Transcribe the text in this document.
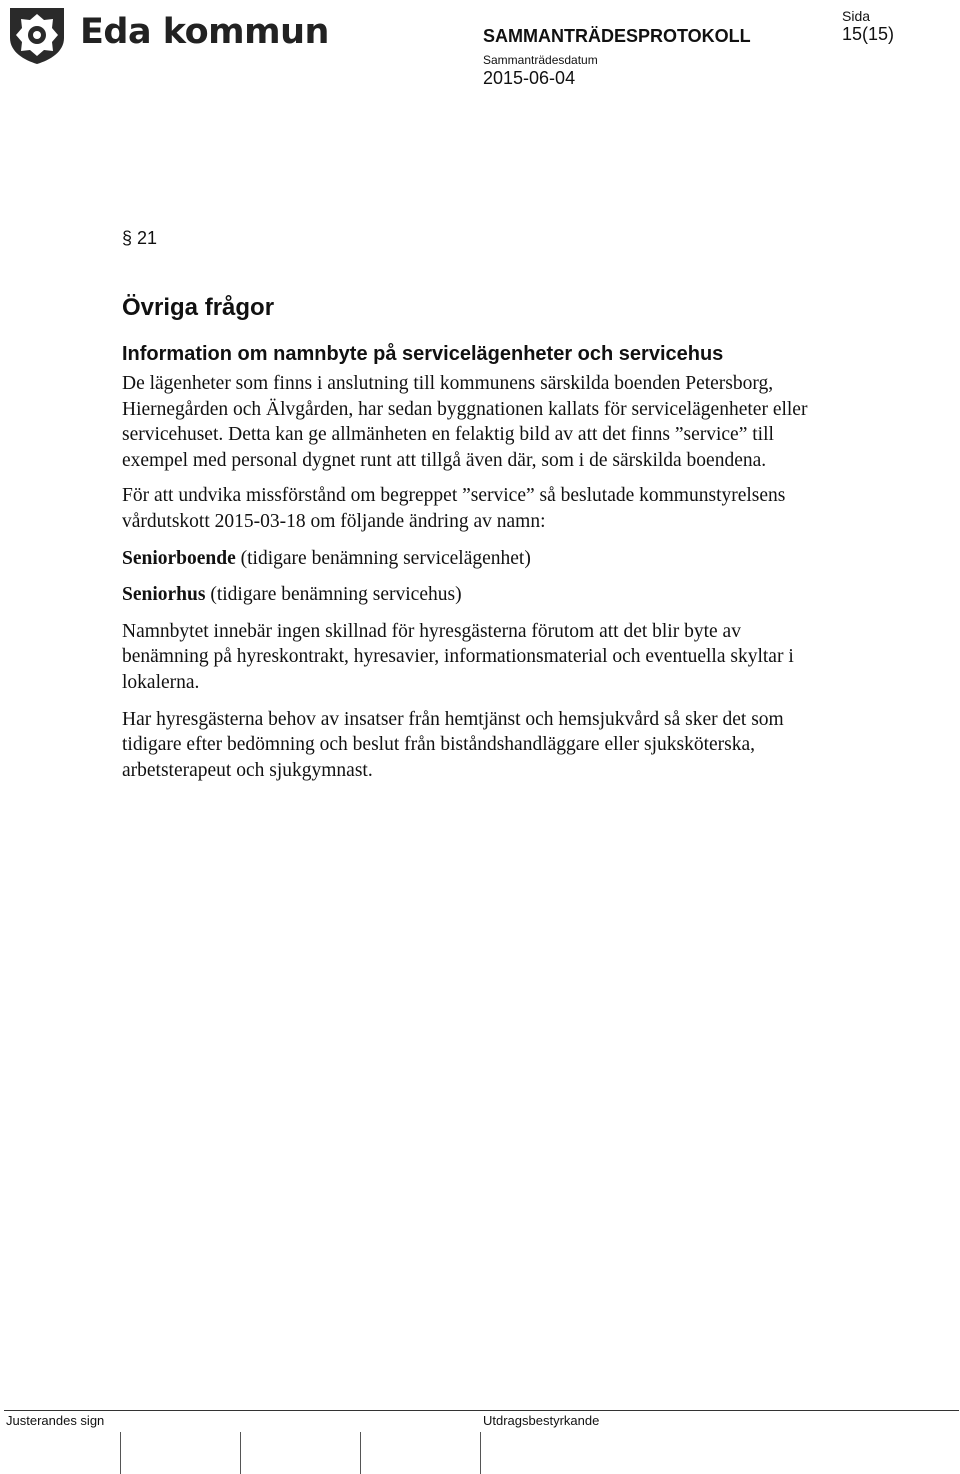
Eda kommun	SAMMANTRÄDESPROTOKOLL
Sammanträdesdatum
2015-06-04
Sida
15(15)

§ 21

Övriga frågor
Information om namnbyte på servicelägenheter och servicehus

De lägenheter som finns i anslutning till kommunens särskilda boenden Petersborg, Hiernegården och Älvgården, har sedan byggnationen kallats för servicelägenheter eller servicehuset. Detta kan ge allmänheten en felaktig bild av att det finns ”service” till exempel med personal dygnet runt att tillgå även där, som i de särskilda boendena.

För att undvika missförstånd om begreppet ”service” så beslutade kommunstyrelsens vårdutskott 2015-03-18 om följande ändring av namn:

Seniorboende (tidigare benämning servicelägenhet)

Seniorhus (tidigare benämning servicehus)

Namnbytet innebär ingen skillnad för hyresgästerna förutom att det blir byte av benämning på hyreskontrakt, hyresavier, informationsmaterial och eventuella skyltar i lokalerna.

Har hyresgästerna behov av insatser från hemtjänst och hemsjukvård så sker det som tidigare efter bedömning och beslut från biståndshandläggare eller sjuksköterska, arbetsterapeut och sjukgymnast.

Justerandes sign	Utdragsbestyrkande
